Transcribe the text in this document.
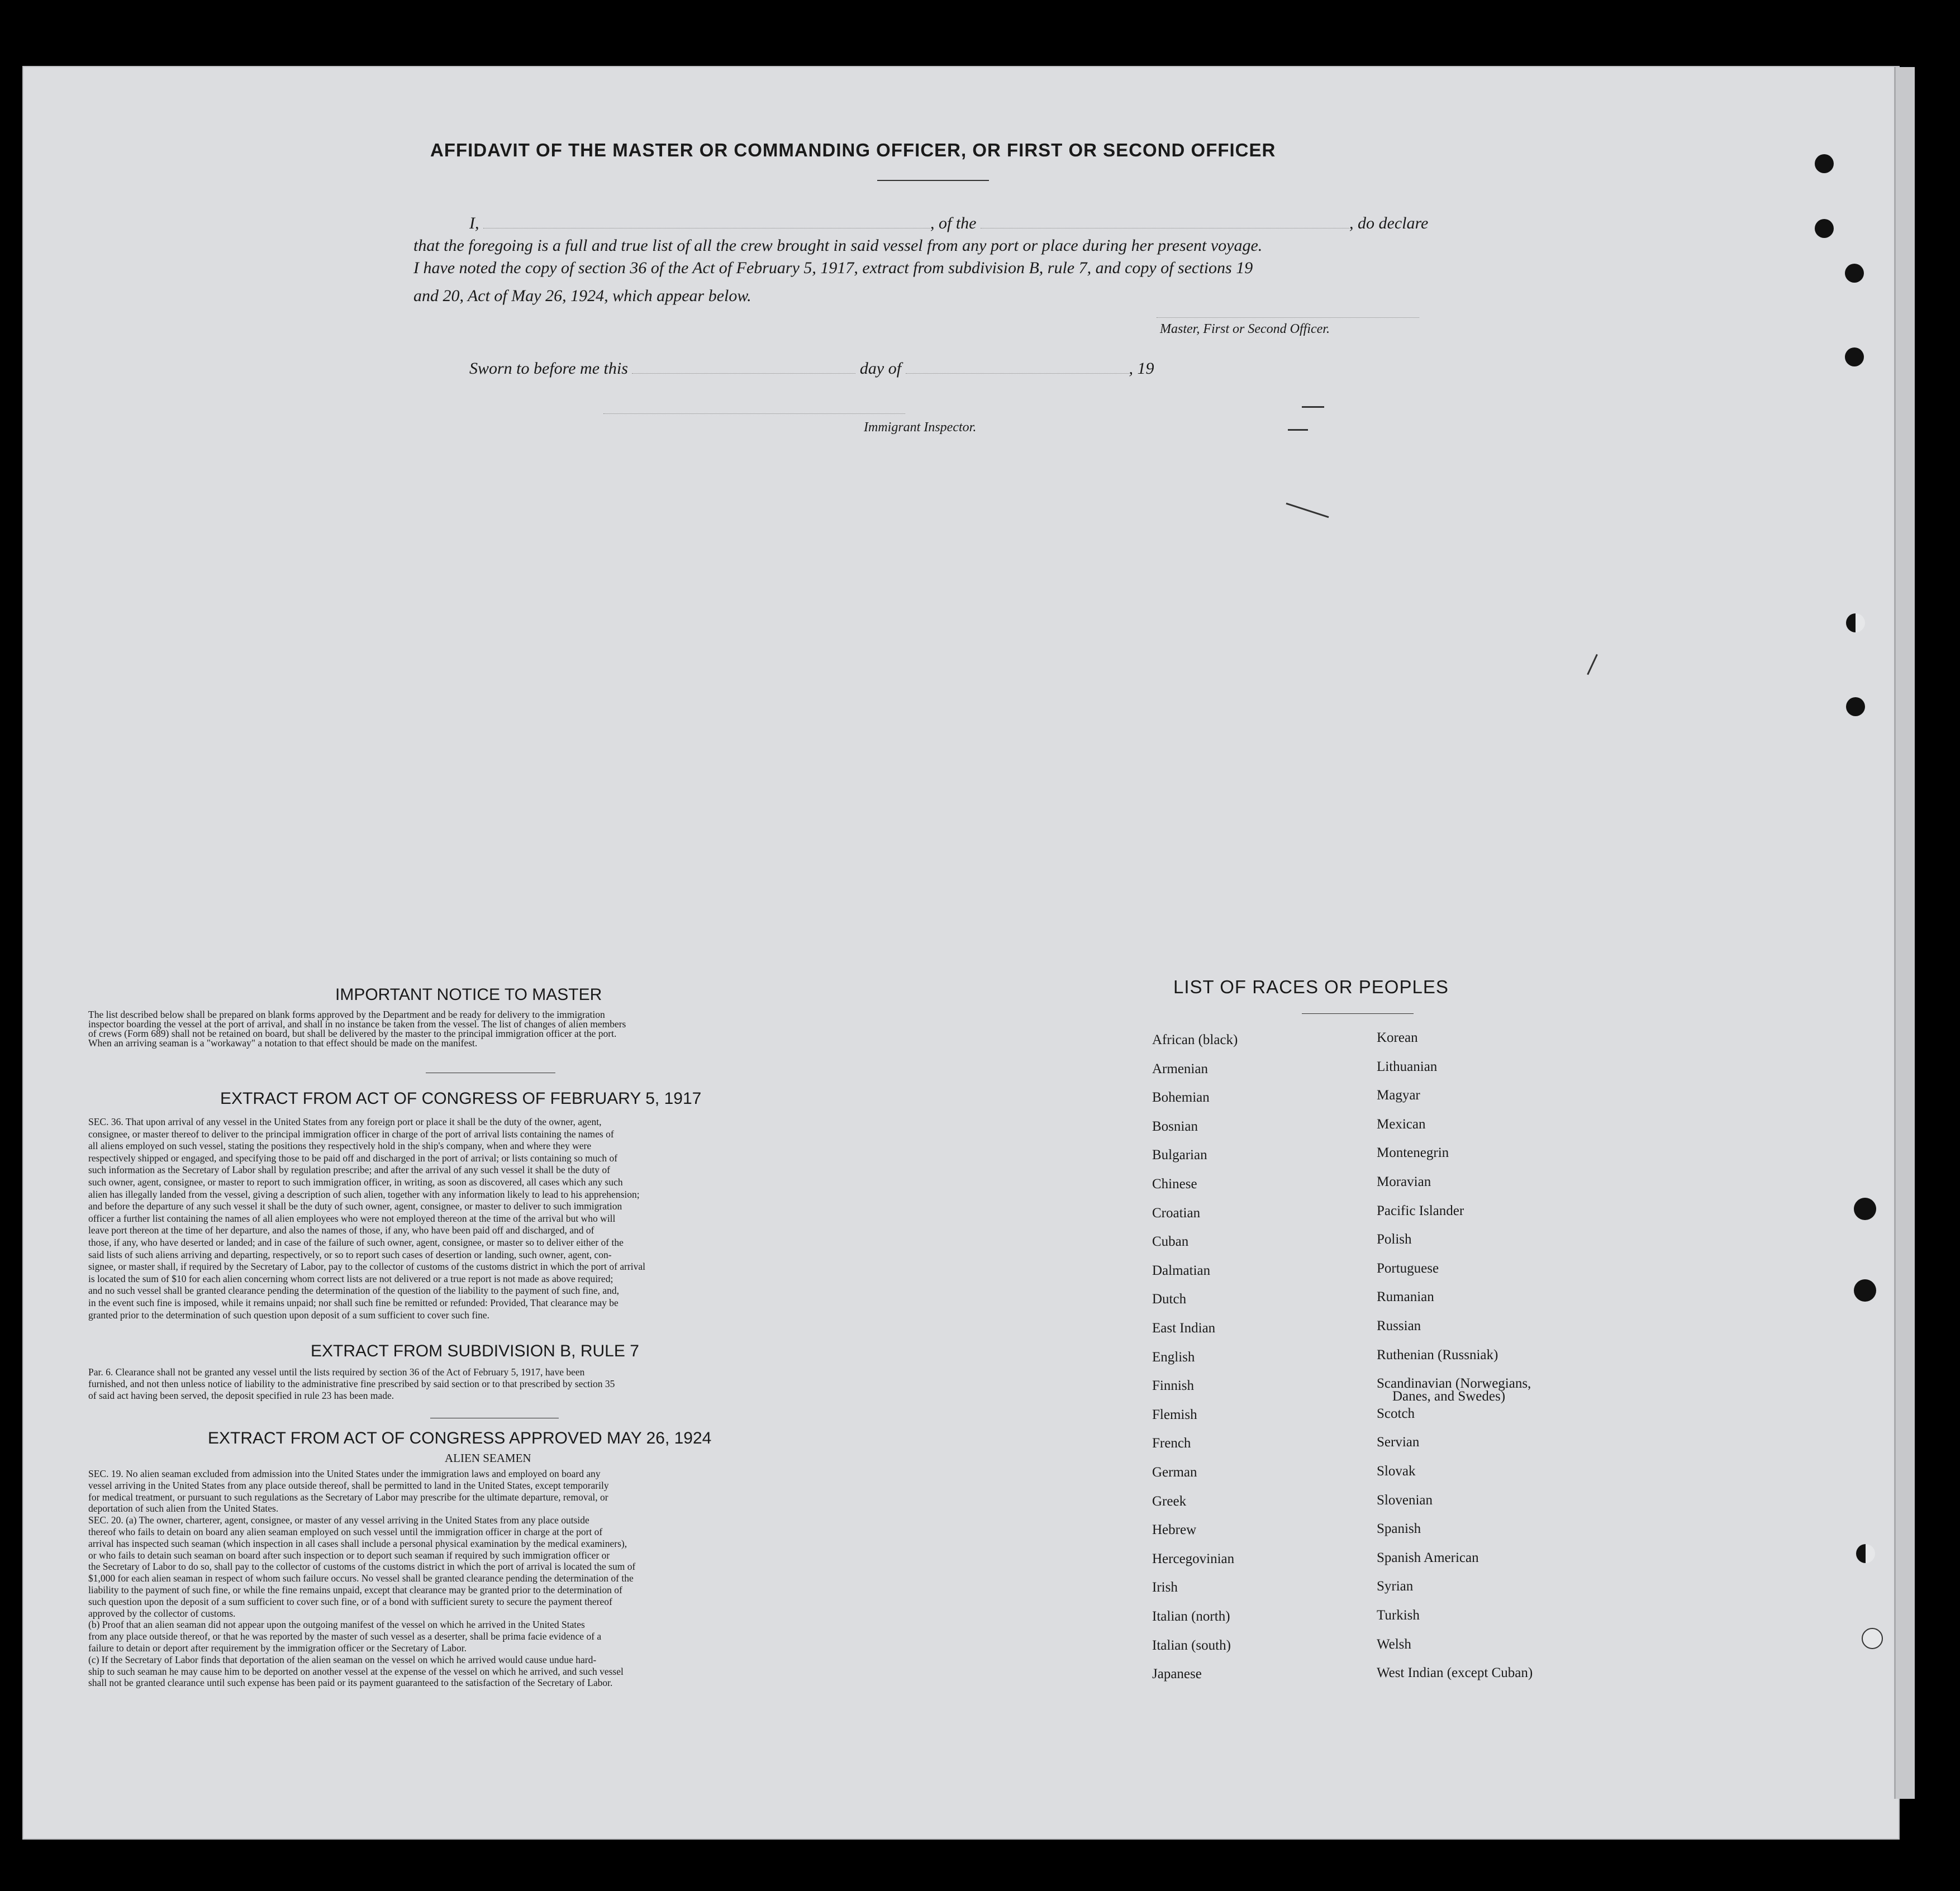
AFFIDAVIT OF THE MASTER OR COMMANDING OFFICER, OR FIRST OR SECOND OFFICER
I,	, of the	, do declare
that the foregoing is a full and true list of all the crew brought in said vessel from any port or place during her present voyage.
I have noted the copy of section 36 of the Act of February 5, 1917, extract from subdivision B, rule 7, and copy of sections 19
and 20, Act of May 26, 1924, which appear below.
Master, First or Second Officer.
Sworn to before me this	day of	, 19
Immigrant Inspector.
IMPORTANT NOTICE TO MASTER
The list described below shall be prepared on blank forms approved by the Department and be ready for delivery to the immigration
inspector boarding the vessel at the port of arrival, and shall in no instance be taken from the vessel. The list of changes of alien members
of crews (Form 689) shall not be retained on board, but shall be delivered by the master to the principal immigration officer at the port.
When an arriving seaman is a "workaway" a notation to that effect should be made on the manifest.
EXTRACT FROM ACT OF CONGRESS OF FEBRUARY 5, 1917
SEC. 36. That upon arrival of any vessel in the United States from any foreign port or place it shall be the duty of the owner, agent,
consignee, or master thereof to deliver to the principal immigration officer in charge of the port of arrival lists containing the names of
all aliens employed on such vessel, stating the positions they respectively hold in the ship's company, when and where they were
respectively shipped or engaged, and specifying those to be paid off and discharged in the port of arrival; or lists containing so much of
such information as the Secretary of Labor shall by regulation prescribe; and after the arrival of any such vessel it shall be the duty of
such owner, agent, consignee, or master to report to such immigration officer, in writing, as soon as discovered, all cases which any such
alien has illegally landed from the vessel, giving a description of such alien, together with any information likely to lead to his apprehension;
and before the departure of any such vessel it shall be the duty of such owner, agent, consignee, or master to deliver to such immigration
officer a further list containing the names of all alien employees who were not employed thereon at the time of the arrival but who will
leave port thereon at the time of her departure, and also the names of those, if any, who have been paid off and discharged, and of
those, if any, who have deserted or landed; and in case of the failure of such owner, agent, consignee, or master so to deliver either of the
said lists of such aliens arriving and departing, respectively, or so to report such cases of desertion or landing, such owner, agent, con-
signee, or master shall, if required by the Secretary of Labor, pay to the collector of customs of the customs district in which the port of arrival
is located the sum of $10 for each alien concerning whom correct lists are not delivered or a true report is not made as above required;
and no such vessel shall be granted clearance pending the determination of the question of the liability to the payment of such fine, and,
in the event such fine is imposed, while it remains unpaid; nor shall such fine be remitted or refunded: Provided, That clearance may be
granted prior to the determination of such question upon deposit of a sum sufficient to cover such fine.
EXTRACT FROM SUBDIVISION B, RULE 7
Par. 6. Clearance shall not be granted any vessel until the lists required by section 36 of the Act of February 5, 1917, have been
furnished, and not then unless notice of liability to the administrative fine prescribed by said section or to that prescribed by section 35
of said act having been served, the deposit specified in rule 23 has been made.
EXTRACT FROM ACT OF CONGRESS APPROVED MAY 26, 1924
ALIEN SEAMEN
SEC. 19. No alien seaman excluded from admission into the United States under the immigration laws and employed on board any
vessel arriving in the United States from any place outside thereof, shall be permitted to land in the United States, except temporarily
for medical treatment, or pursuant to such regulations as the Secretary of Labor may prescribe for the ultimate departure, removal, or
deportation of such alien from the United States.
SEC. 20. (a) The owner, charterer, agent, consignee, or master of any vessel arriving in the United States from any place outside
thereof who fails to detain on board any alien seaman employed on such vessel until the immigration officer in charge at the port of
arrival has inspected such seaman (which inspection in all cases shall include a personal physical examination by the medical examiners),
or who fails to detain such seaman on board after such inspection or to deport such seaman if required by such immigration officer or
the Secretary of Labor to do so, shall pay to the collector of customs of the customs district in which the port of arrival is located the sum of
$1,000 for each alien seaman in respect of whom such failure occurs. No vessel shall be granted clearance pending the determination of the
liability to the payment of such fine, or while the fine remains unpaid, except that clearance may be granted prior to the determination of
such question upon the deposit of a sum sufficient to cover such fine, or of a bond with sufficient surety to secure the payment thereof
approved by the collector of customs.
(b) Proof that an alien seaman did not appear upon the outgoing manifest of the vessel on which he arrived in the United States
from any place outside thereof, or that he was reported by the master of such vessel as a deserter, shall be prima facie evidence of a
failure to detain or deport after requirement by the immigration officer or the Secretary of Labor.
(c) If the Secretary of Labor finds that deportation of the alien seaman on the vessel on which he arrived would cause undue hard-
ship to such seaman he may cause him to be deported on another vessel at the expense of the vessel on which he arrived, and such vessel
shall not be granted clearance until such expense has been paid or its payment guaranteed to the satisfaction of the Secretary of Labor.
LIST OF RACES OR PEOPLES
African (black)
Armenian
Bohemian
Bosnian
Bulgarian
Chinese
Croatian
Cuban
Dalmatian
Dutch
East Indian
English
Finnish
Flemish
French
German
Greek
Hebrew
Hercegovinian
Irish
Italian (north)
Italian (south)
Japanese
Korean
Lithuanian
Magyar
Mexican
Montenegrin
Moravian
Pacific Islander
Polish
Portuguese
Rumanian
Russian
Ruthenian (Russniak)
Scandinavian (Norwegians,
Scotch
Servian
Slovak
Slovenian
Spanish
Spanish American
Syrian
Turkish
Welsh
West Indian (except Cuban)
Danes, and Swedes)
